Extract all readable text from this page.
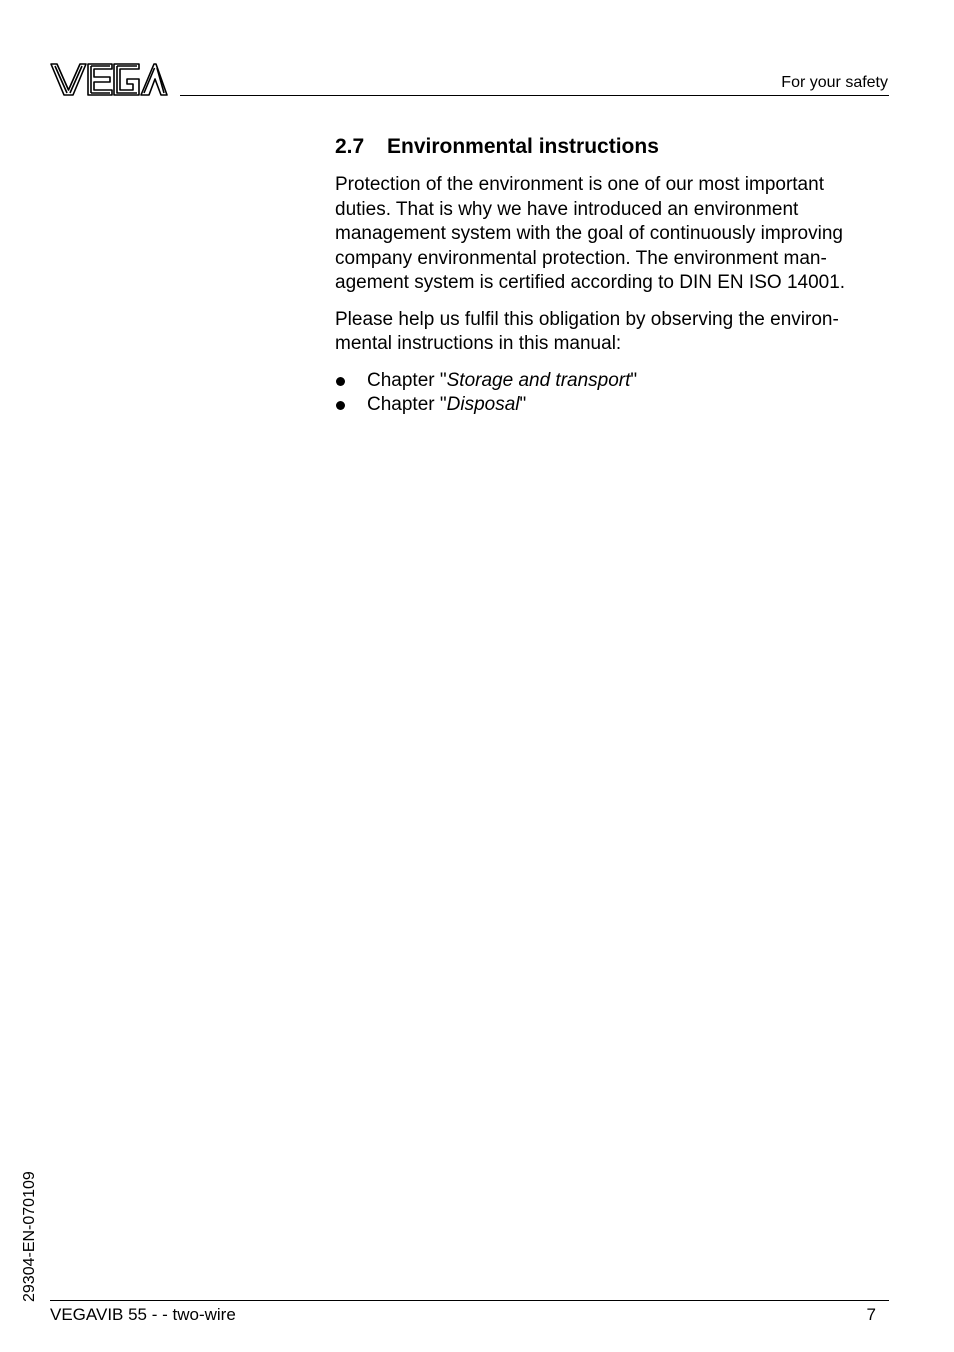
For your safety
2.7 Environmental instructions

Protection of the environment is one of our most important
duties. That is why we have introduced an environment
management system with the goal of continuously improving
company environmental protection. The environment man-
agement system is certified according to DIN EN ISO 14001.

Please help us fulfil this obligation by observing the environ-
mental instructions in this manual:

Chapter "Storage and transport"
Chapter "Disposal"
29304-EN-070109
VEGAVIB 55 - - two-wire	7
